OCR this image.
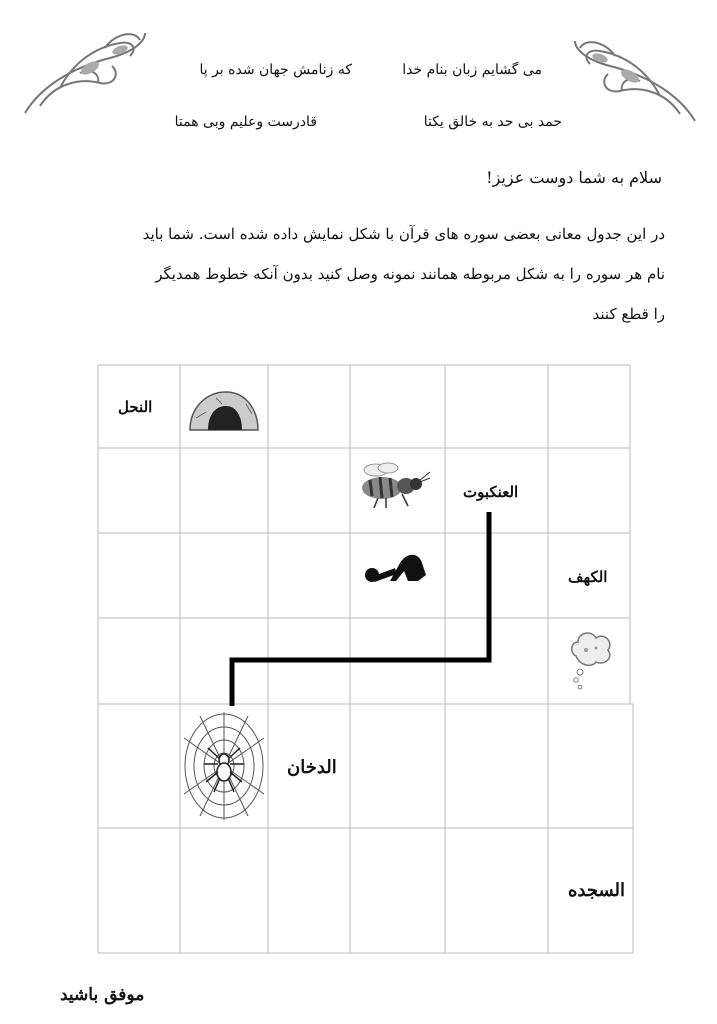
می گشایم زبان بنام خدا
که زنامش جهان شده بر پا
حمد بی حد به خالق یکتا
قادرست وعلیم وبی همتا
سلام به شما دوست عزیز!
در این جدول معانی بعضی سوره های قرآن با شکل نمایش داده شده است. شما باید
نام هر سوره را به شکل مربوطه همانند نمونه وصل کنید بدون آنکه خطوط همدیگر
را قطع کنند
النحل
العنکبوت
الکهف
الدخان
السجده
موفق باشید
